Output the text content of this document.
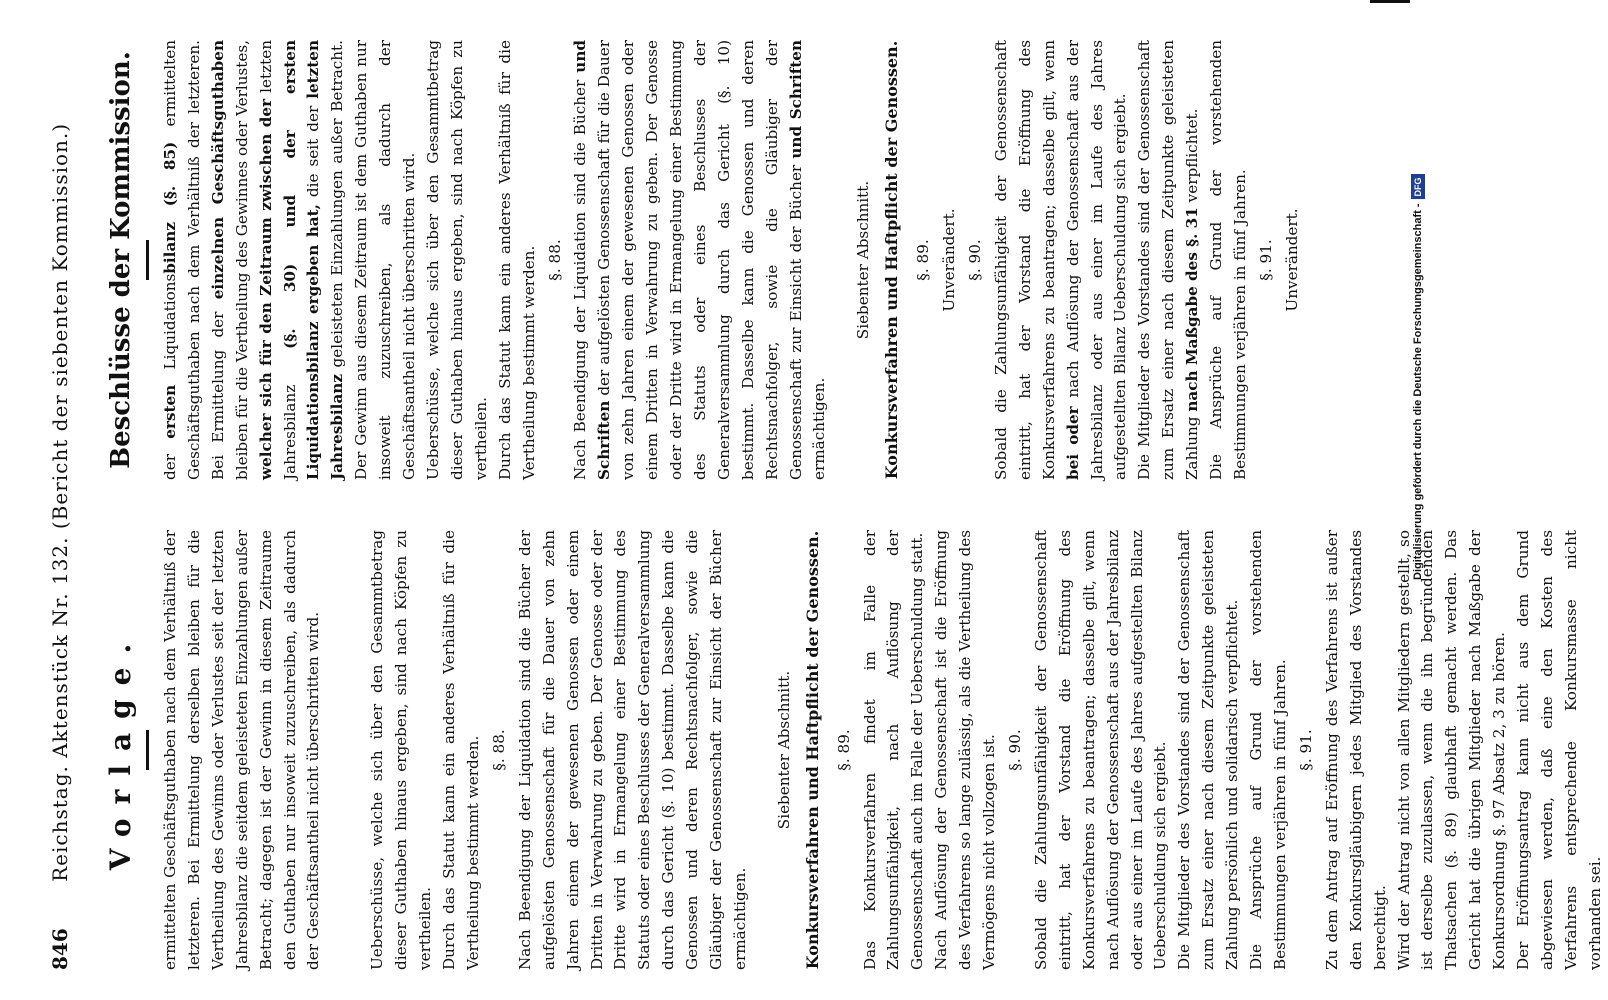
846 Reichstag. Aktenstück Nr. 132. (Bericht der siebenten Kommission.) Vorlage.	ermittelten Geschäftsguthaben nach dem Verhältniß der letzteren. Bei Ermittelung derselben bleiben für die Vertheilung des Gewinns oder Verlustes seit der letzten Jahresbilanz die seitdem geleisteten Einzahlungen außer Betracht; dagegen ist der Gewinn in diesem Zeitraume den Guthaben nur insoweit zuzuschreiben, als dadurch der Geschäftsantheil nicht überschritten wird.	Ueberschüsse, welche sich über den Gesammtbetrag dieser Guthaben hinaus ergeben, sind nach Köpfen zu vertheilen. Durch das Statut kann ein anderes Verhältniß für die Vertheilung bestimmt werden. §. 88. Nach Beendigung der Liquidation sind die Bücher der aufgelösten Genossenschaft für die Dauer von zehn Jahren einem der gewesenen Genossen oder einem Dritten in Verwahrung zu geben. Der Genosse oder der Dritte wird in Ermangelung einer Bestimmung des Statuts oder eines Beschlusses der Generalversammlung durch das Gericht (§. 10) bestimmt. Dasselbe kann die Genossen und deren Rechtsnachfolger, sowie die Gläubiger der Genossenschaft zur Einsicht der Bücher ermächtigen.

Siebenter Abschnitt. Konkursverfahren und Haftpflicht der Genossen. §. 89. Das Konkursverfahren findet im Falle der Zahlungsunfähigkeit, nach Auflösung der Genossenschaft auch im Falle der Ueberschuldung statt. Nach Auflösung der Genossenschaft ist die Eröffnung des Verfahrens so lange zulässig, als die Vertheilung des Vermögens nicht vollzogen ist. §. 90. Sobald die Zahlungsunfähigkeit der Genossenschaft eintritt, hat der Vorstand die Eröffnung des Konkursverfahrens zu beantragen; dasselbe gilt, wenn nach Auflösung der Genossenschaft aus der Jahresbilanz oder aus einer im Laufe des Jahres aufgestellten Bilanz Ueberschuldung sich ergiebt. Die Mitglieder des Vorstandes sind der Genossenschaft zum Ersatz einer nach diesem Zeitpunkte geleisteten Zahlung persönlich und solidarisch verpflichtet. Die Ansprüche auf Grund der vorstehenden Bestimmungen verjähren in fünf Jahren. §. 91. Zu dem Antrag auf Eröffnung des Verfahrens ist außer den Konkursgläubigern jedes Mitglied des Vorstandes berechtigt. Wird der Antrag nicht von allen Mitgliedern gestellt, so ist derselbe zuzulassen, wenn die ihn begründenden Thatsachen (§. 89) glaubhaft gemacht werden. Das Gericht hat die übrigen Mitglieder nach Maßgabe der Konkursordnung §. 97 Absatz 2, 3 zu hören. Der Eröffnungsantrag kann nicht aus dem Grund abgewiesen werden, daß eine den Kosten des Verfahrens entsprechende Konkursmasse nicht vorhanden sei.

Beschlüsse der Kommission.	der ersten Liquidationsbilanz (§. 85) ermittelten Geschäftsguthaben nach dem Verhältniß der letzteren. Bei Ermittelung der einzelnen Geschäftsguthaben bleiben für die Vertheilung des Gewinnes oder Verlustes, welcher sich für den Zeitraum zwischen der letzten Jahresbilanz (§. 30) und der ersten Liquidationsbilanz ergeben hat, die seit der letzten Jahresbilanz geleisteten Einzahlungen außer Betracht. Der Gewinn aus diesem Zeitraum ist dem Guthaben nur insoweit zuzuschreiben, als dadurch der Geschäftsantheil nicht überschritten wird. Ueberschüsse, welche sich über den Gesammtbetrag dieser Guthaben hinaus ergeben, sind nach Köpfen zu vertheilen. Durch das Statut kann ein anderes Verhältniß für die Vertheilung bestimmt werden. §. 88. Nach Beendigung der Liquidation sind die Bücher und Schriften der aufgelösten Genossenschaft für die Dauer von zehn Jahren einem der gewesenen Genossen oder einem Dritten in Verwahrung zu geben. Der Genosse oder der Dritte wird in Ermangelung einer Bestimmung des Statuts oder eines Beschlusses der Generalversammlung durch das Gericht (§. 10) bestimmt. Dasselbe kann die Genossen und deren Rechtsnachfolger, sowie die Gläubiger der Genossenschaft zur Einsicht der Bücher und Schriften ermächtigen.

Siebenter Abschnitt. Konkursverfahren und Haftpflicht der Genossen. §. 89. Unverändert. §. 90. Sobald die Zahlungsunfähigkeit der Genossenschaft eintritt, hat der Vorstand die Eröffnung des Konkursverfahrens zu beantragen; dasselbe gilt, wenn bei oder nach Auflösung der Genossenschaft aus der Jahresbilanz oder aus einer im Laufe des Jahres aufgestellten Bilanz Ueberschuldung sich ergiebt. Die Mitglieder des Vorstandes sind der Genossenschaft zum Ersatz einer nach diesem Zeitpunkte geleisteten Zahlung nach Maßgabe des §. 31 verpflichtet. Die Ansprüche auf Grund der vorstehenden Bestimmungen verjähren in fünf Jahren. §. 91. Unverändert.	Digitalisierung gefördert durch die Deutsche Forschungsgemeinschaft -
DFG
